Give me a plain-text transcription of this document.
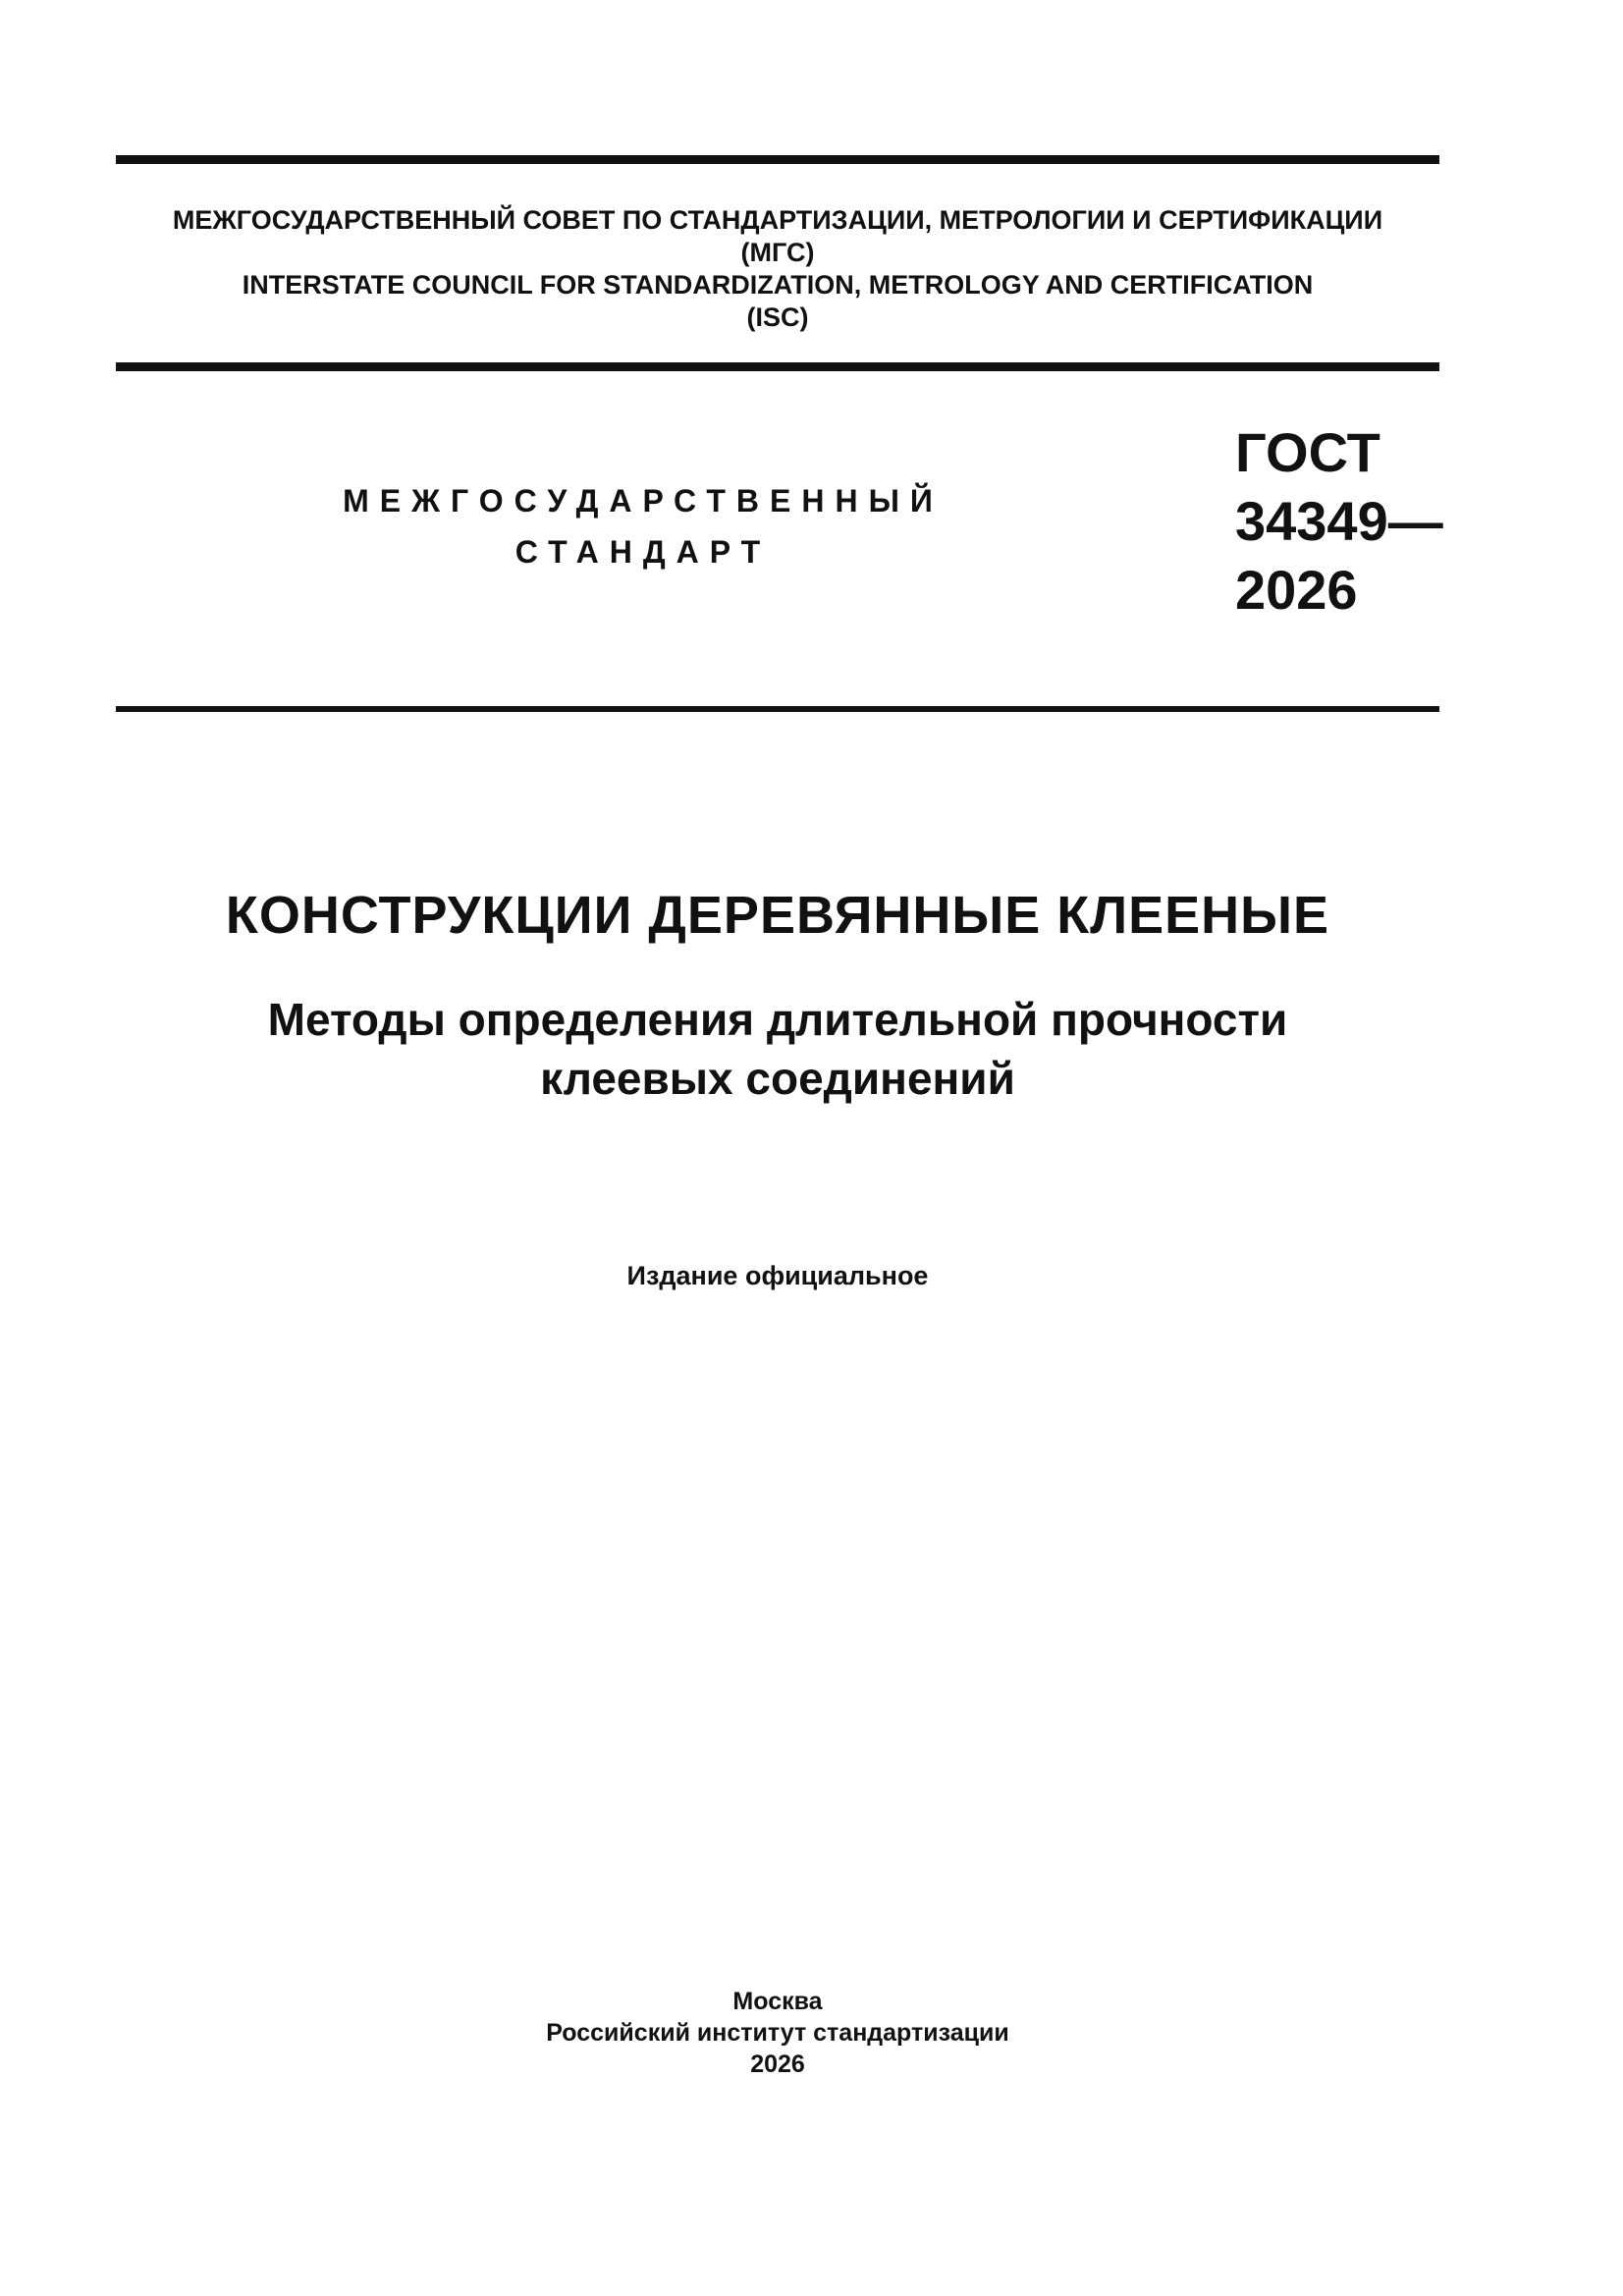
МЕЖГОСУДАРСТВЕННЫЙ СОВЕТ ПО СТАНДАРТИЗАЦИИ, МЕТРОЛОГИИ И СЕРТИФИКАЦИИ
(МГС)
INTERSTATE COUNCIL FOR STANDARDIZATION, METROLOGY AND CERTIFICATION
(ISC)
МЕЖГОСУДАРСТВЕННЫЙ
СТАНДАРТ
ГОСТ
34349—
2026
КОНСТРУКЦИИ ДЕРЕВЯННЫЕ КЛЕЕНЫЕ
Методы определения длительной прочности
клеевых соединений
Издание официальное
Москва
Российский институт стандартизации
2026
